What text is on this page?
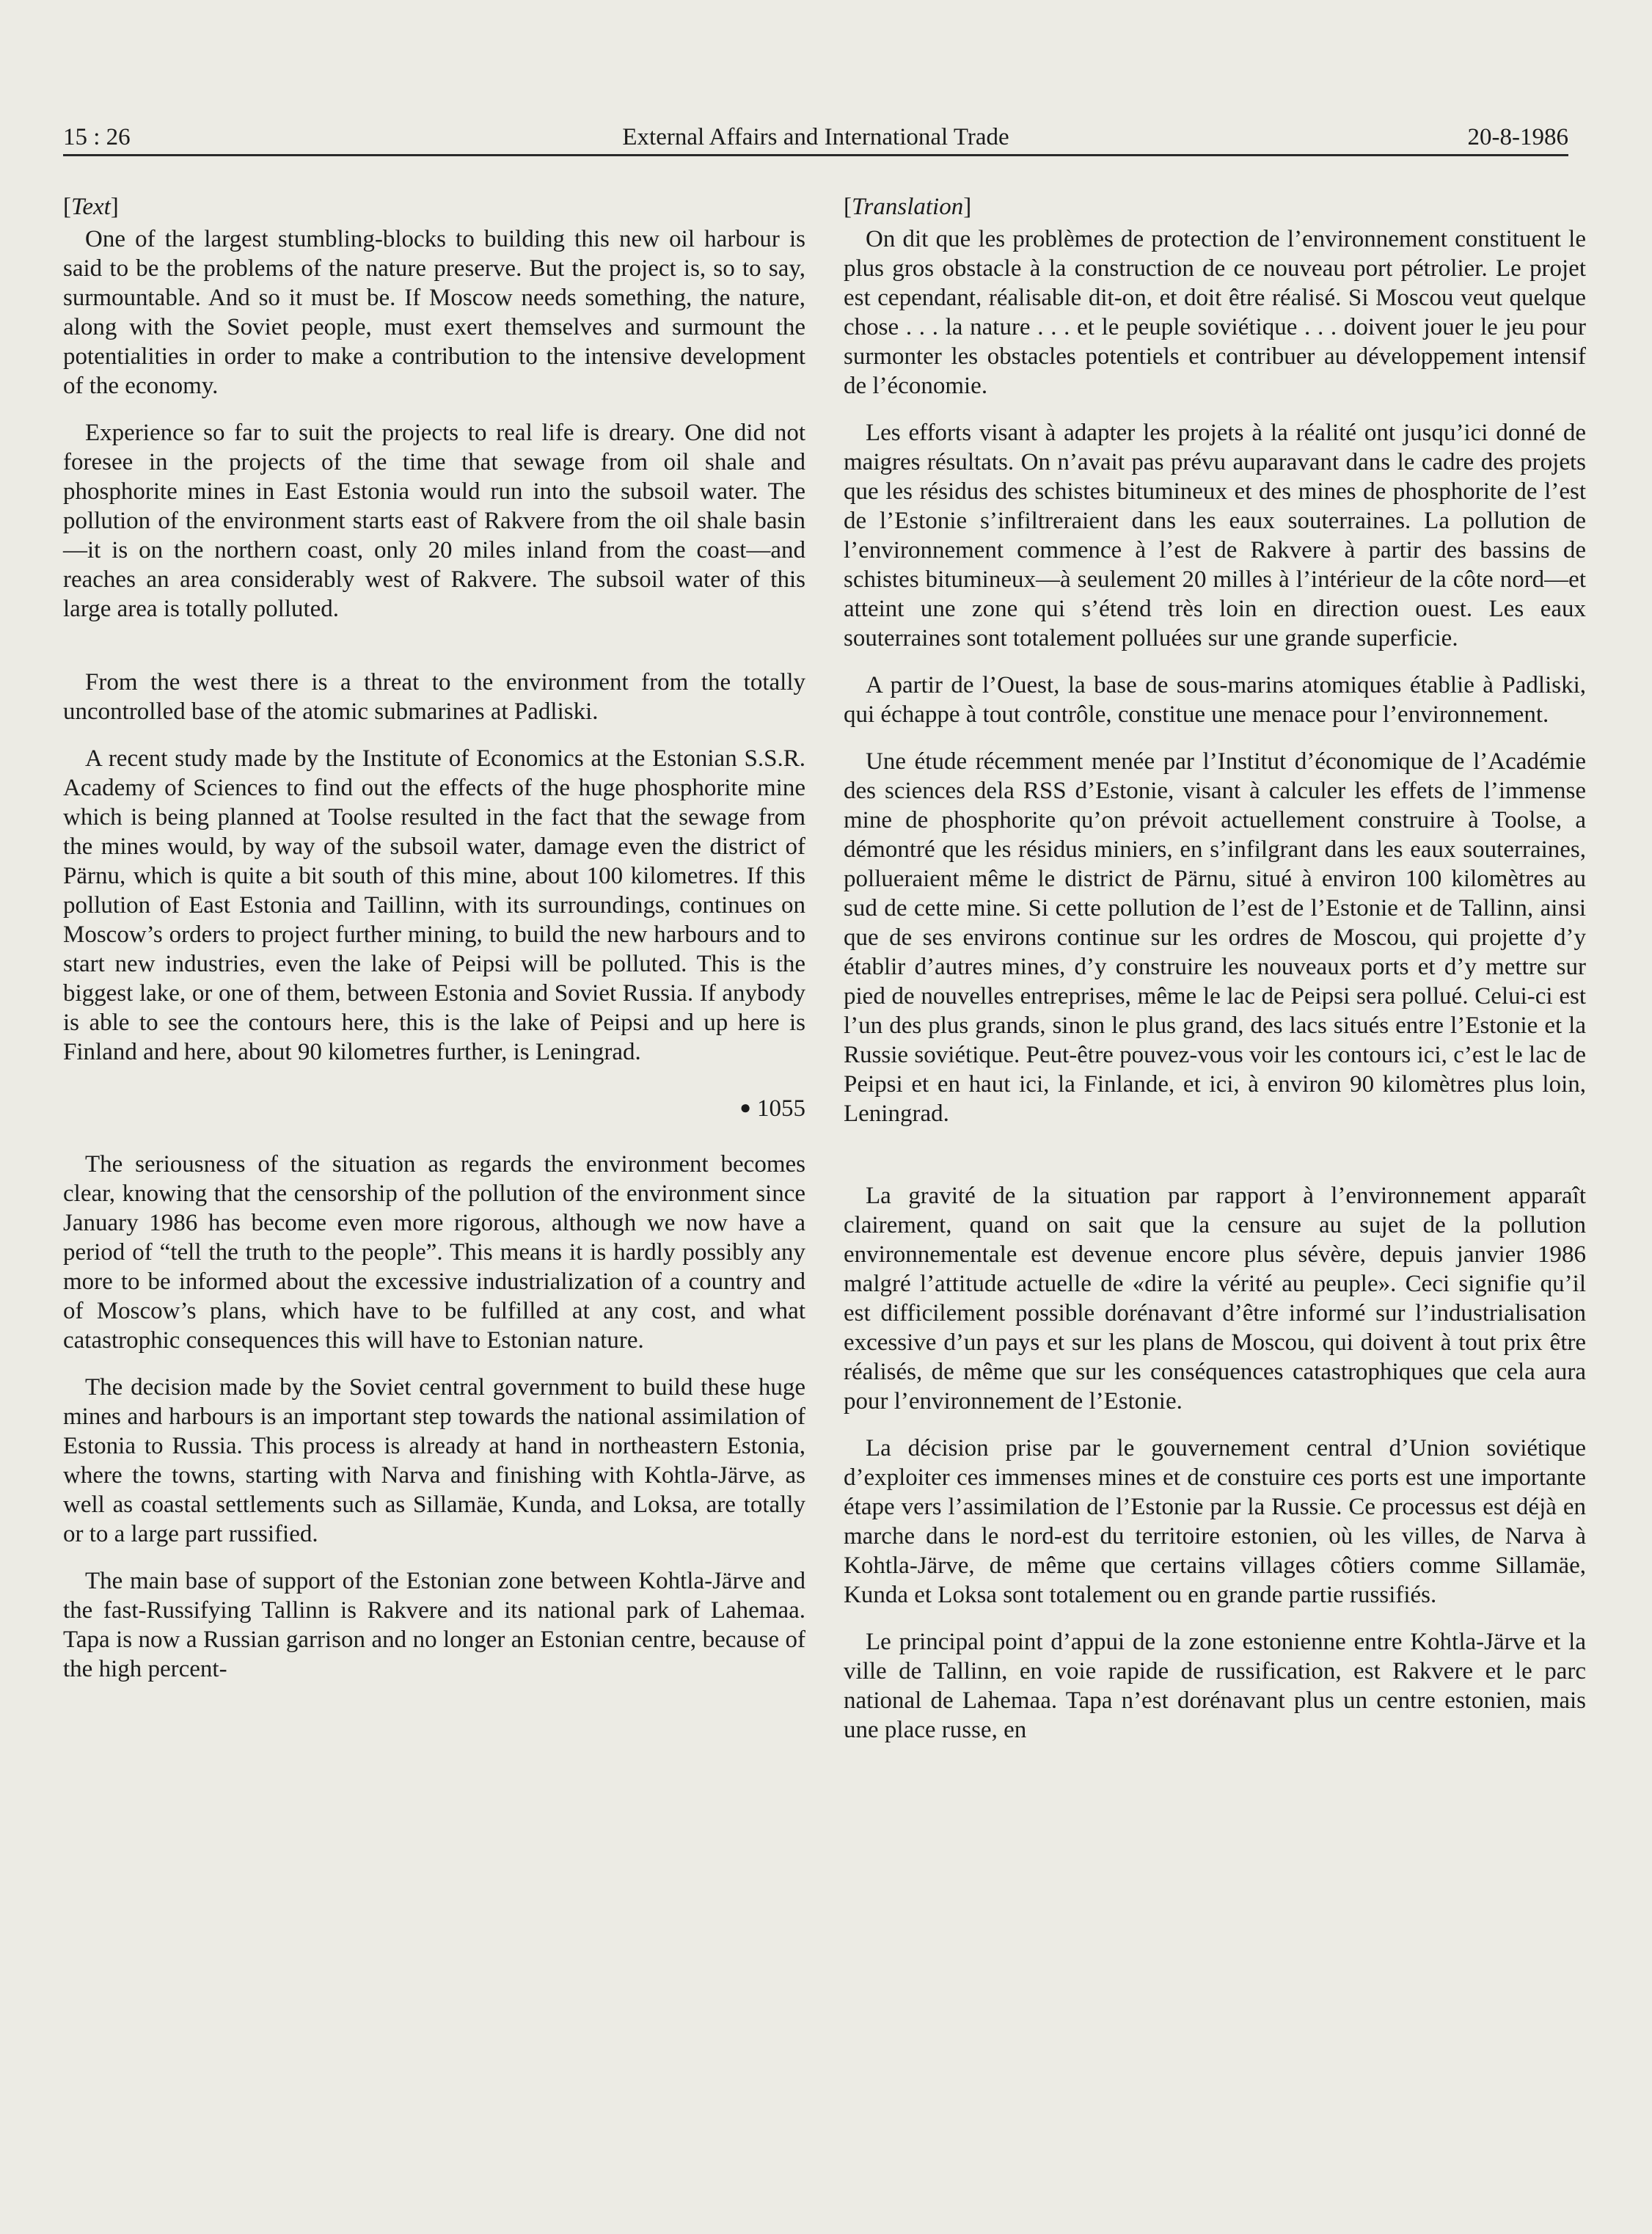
15 : 26	External Affairs and International Trade	20-8-1986
[Text]

One of the largest stumbling-blocks to building this new oil harbour is said to be the problems of the nature preserve. But the project is, so to say, surmountable. And so it must be. If Moscow needs something, the nature, along with the Soviet people, must exert themselves and surmount the potentialities in order to make a contribution to the intensive development of the economy.

Experience so far to suit the projects to real life is dreary. One did not foresee in the projects of the time that sewage from oil shale and phosphorite mines in East Estonia would run into the subsoil water. The pollution of the environment starts east of Rakvere from the oil shale basin—it is on the northern coast, only 20 miles inland from the coast—and reaches an area considerably west of Rakvere. The subsoil water of this large area is totally polluted.

From the west there is a threat to the environment from the totally uncontrolled base of the atomic submarines at Padliski.

A recent study made by the Institute of Economics at the Estonian S.S.R. Academy of Sciences to find out the effects of the huge phosphorite mine which is being planned at Toolse resulted in the fact that the sewage from the mines would, by way of the subsoil water, damage even the district of Pärnu, which is quite a bit south of this mine, about 100 kilometres. If this pollution of East Estonia and Taillinn, with its surroundings, continues on Moscow’s orders to project further mining, to build the new harbours and to start new industries, even the lake of Peipsi will be polluted. This is the biggest lake, or one of them, between Estonia and Soviet Russia. If anybody is able to see the contours here, this is the lake of Peipsi and up here is Finland and here, about 90 kilometres further, is Leningrad.

● 1055

The seriousness of the situation as regards the environment becomes clear, knowing that the censorship of the pollution of the environment since January 1986 has become even more rigorous, although we now have a period of “tell the truth to the people”. This means it is hardly possibly any more to be informed about the excessive industrialization of a country and of Moscow’s plans, which have to be fulfilled at any cost, and what catastrophic consequences this will have to Estonian nature.

The decision made by the Soviet central government to build these huge mines and harbours is an important step towards the national assimilation of Estonia to Russia. This process is already at hand in northeastern Estonia, where the towns, starting with Narva and finishing with Kohtla-Järve, as well as coastal settlements such as Sillamäe, Kunda, and Loksa, are totally or to a large part russified.

The main base of support of the Estonian zone between Kohtla-Järve and the fast-Russifying Tallinn is Rakvere and its national park of Lahemaa. Tapa is now a Russian garrison and no longer an Estonian centre, because of the high percent-

[Translation]

On dit que les problèmes de protection de l’environnement constituent le plus gros obstacle à la construction de ce nouveau port pétrolier. Le projet est cependant, réalisable dit-on, et doit être réalisé. Si Moscou veut quelque chose . . . la nature . . . et le peuple soviétique . . . doivent jouer le jeu pour surmonter les obstacles potentiels et contribuer au développement intensif de l’économie.

Les efforts visant à adapter les projets à la réalité ont jusqu’ici donné de maigres résultats. On n’avait pas prévu auparavant dans le cadre des projets que les résidus des schistes bitumineux et des mines de phosphorite de l’est de l’Estonie s’infiltreraient dans les eaux souterraines. La pollution de l’environnement commence à l’est de Rakvere à partir des bassins de schistes bitumineux—à seulement 20 milles à l’intérieur de la côte nord—et atteint une zone qui s’étend très loin en direction ouest. Les eaux souterraines sont totalement polluées sur une grande superficie.

A partir de l’Ouest, la base de sous-marins atomiques établie à Padliski, qui échappe à tout contrôle, constitue une menace pour l’environnement.

Une étude récemment menée par l’Institut d’économique de l’Académie des sciences dela RSS d’Estonie, visant à calculer les effets de l’immense mine de phosphorite qu’on prévoit actuellement construire à Toolse, a démontré que les résidus miniers, en s’infilgrant dans les eaux souterraines, pollueraient même le district de Pärnu, situé à environ 100 kilomètres au sud de cette mine. Si cette pollution de l’est de l’Estonie et de Tallinn, ainsi que de ses environs continue sur les ordres de Moscou, qui projette d’y établir d’autres mines, d’y construire les nouveaux ports et d’y mettre sur pied de nouvelles entreprises, même le lac de Peipsi sera pollué. Celui-ci est l’un des plus grands, sinon le plus grand, des lacs situés entre l’Estonie et la Russie soviétique. Peut-être pouvez-vous voir les contours ici, c’est le lac de Peipsi et en haut ici, la Finlande, et ici, à environ 90 kilomètres plus loin, Leningrad.

La gravité de la situation par rapport à l’environnement apparaît clairement, quand on sait que la censure au sujet de la pollution environnementale est devenue encore plus sévère, depuis janvier 1986 malgré l’attitude actuelle de «dire la vérité au peuple». Ceci signifie qu’il est difficilement possible dorénavant d’être informé sur l’industrialisation excessive d’un pays et sur les plans de Moscou, qui doivent à tout prix être réalisés, de même que sur les conséquences catastrophiques que cela aura pour l’environnement de l’Estonie.

La décision prise par le gouvernement central d’Union soviétique d’exploiter ces immenses mines et de constuire ces ports est une importante étape vers l’assimilation de l’Estonie par la Russie. Ce processus est déjà en marche dans le nord-est du territoire estonien, où les villes, de Narva à Kohtla-Järve, de même que certains villages côtiers comme Sillamäe, Kunda et Loksa sont totalement ou en grande partie russifiés.

Le principal point d’appui de la zone estonienne entre Kohtla-Järve et la ville de Tallinn, en voie rapide de russification, est Rakvere et le parc national de Lahemaa. Tapa n’est dorénavant plus un centre estonien, mais une place russe, en
